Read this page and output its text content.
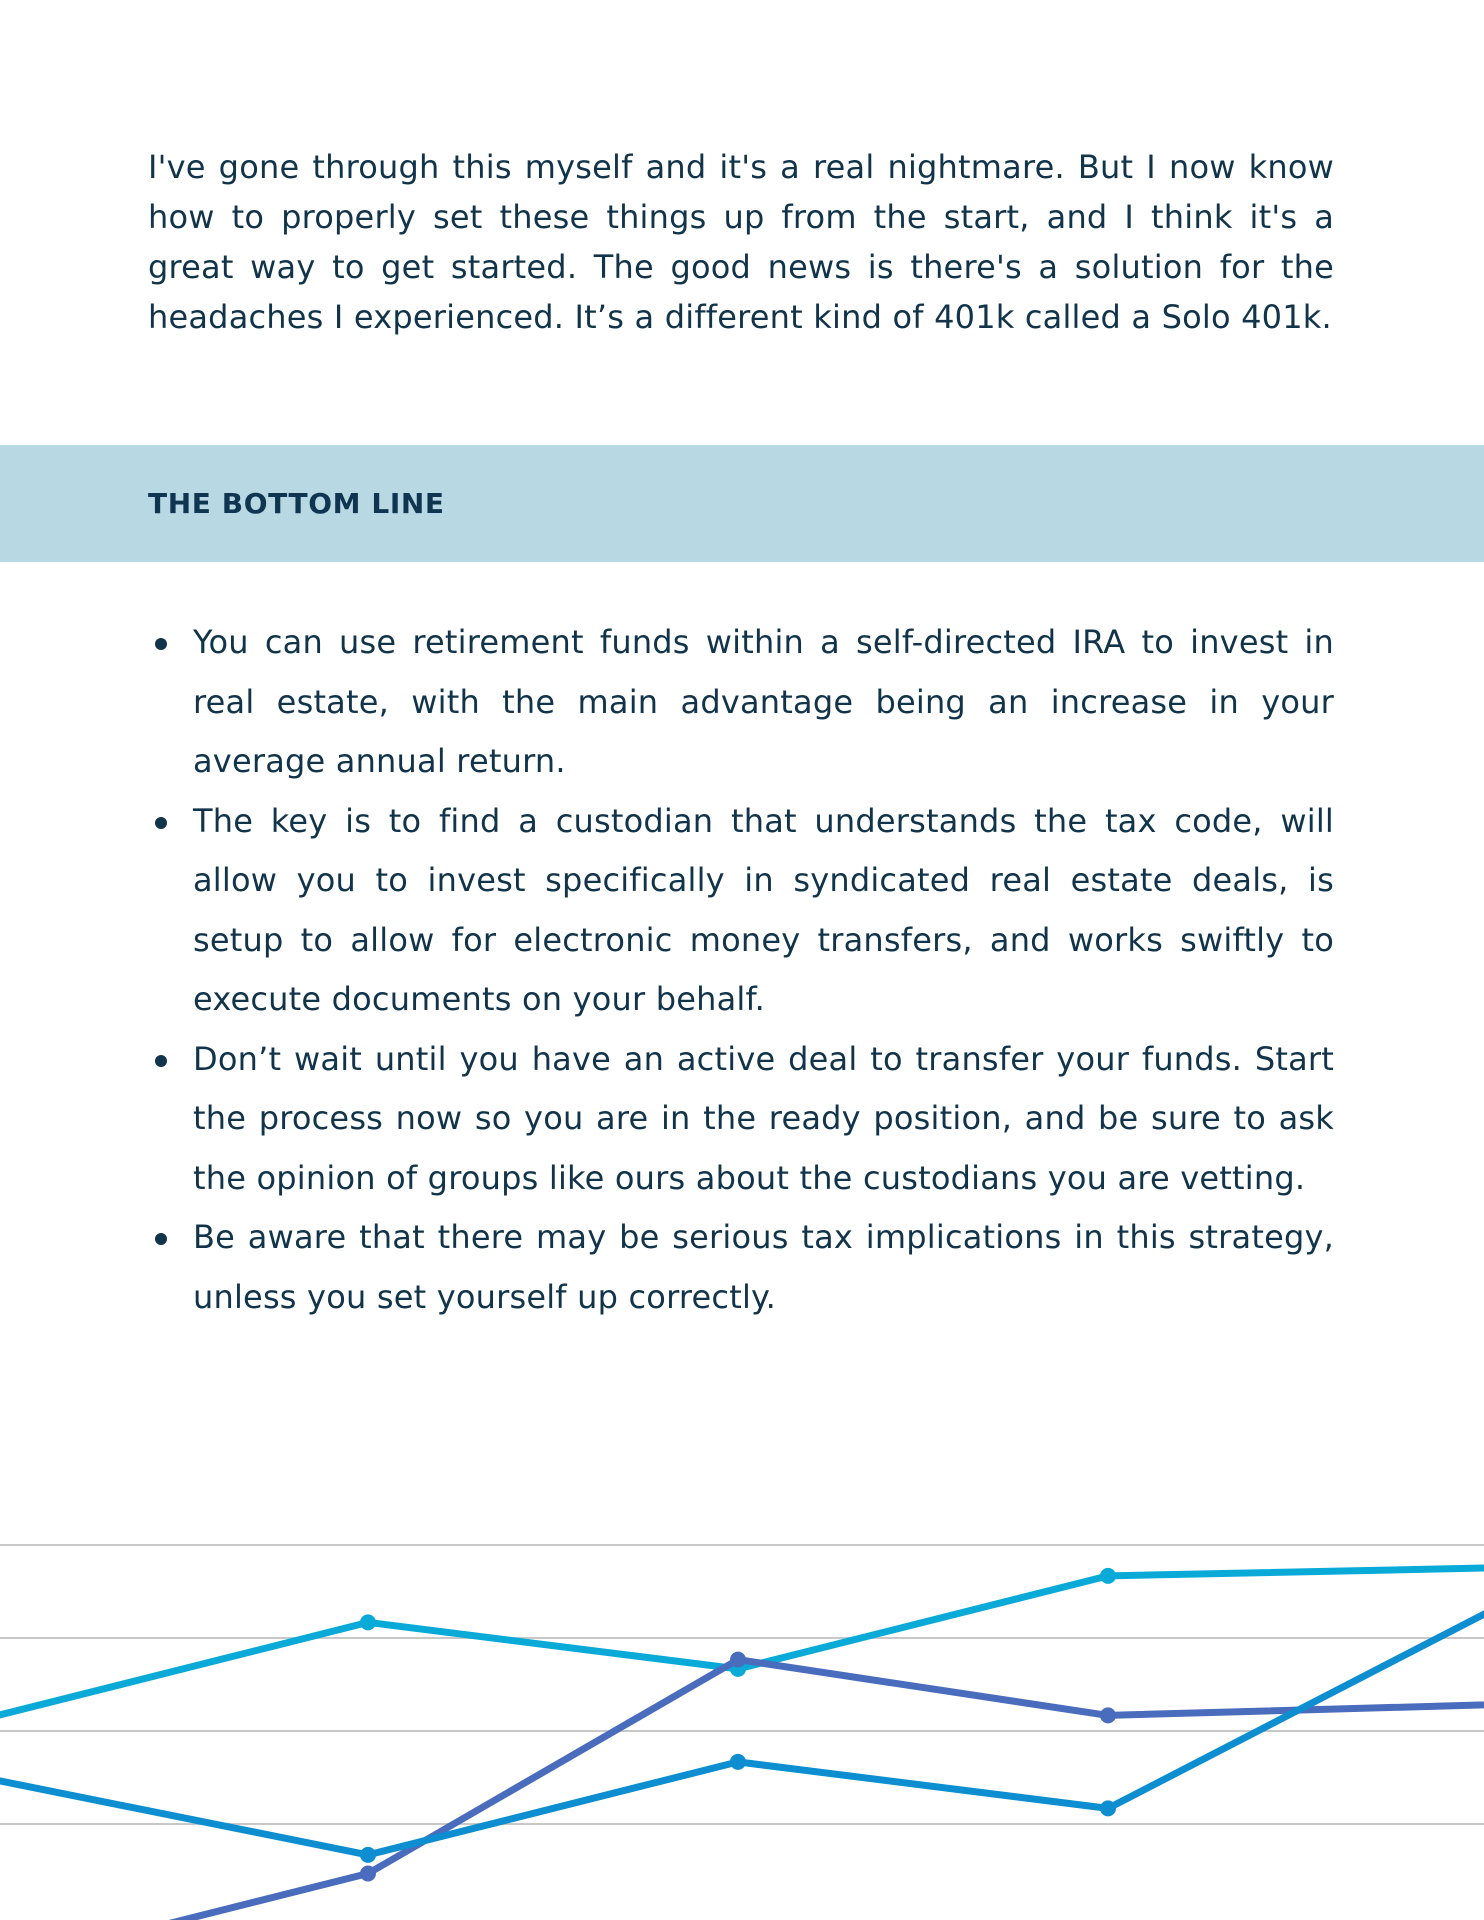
I've gone through this myself and it's a real nightmare. But I now know how to properly set these things up from the start, and I think it's a great way to get started. The good news is there's a solution for the headaches I experienced. It’s a different kind of 401k called a Solo 401k.

THE BOTTOM LINE
You can use retirement funds within a self-directed IRA to invest in real estate, with the main advantage being an increase in your average annual return.
The key is to find a custodian that understands the tax code, will allow you to invest specifically in syndicated real estate deals, is setup to allow for electronic money transfers, and works swiftly to execute documents on your behalf.
Don’t wait until you have an active deal to transfer your funds. Start the process now so you are in the ready position, and be sure to ask the opinion of groups like ours about the custodians you are vetting.
Be aware that there may be serious tax implications in this strategy, unless you set yourself up correctly.
